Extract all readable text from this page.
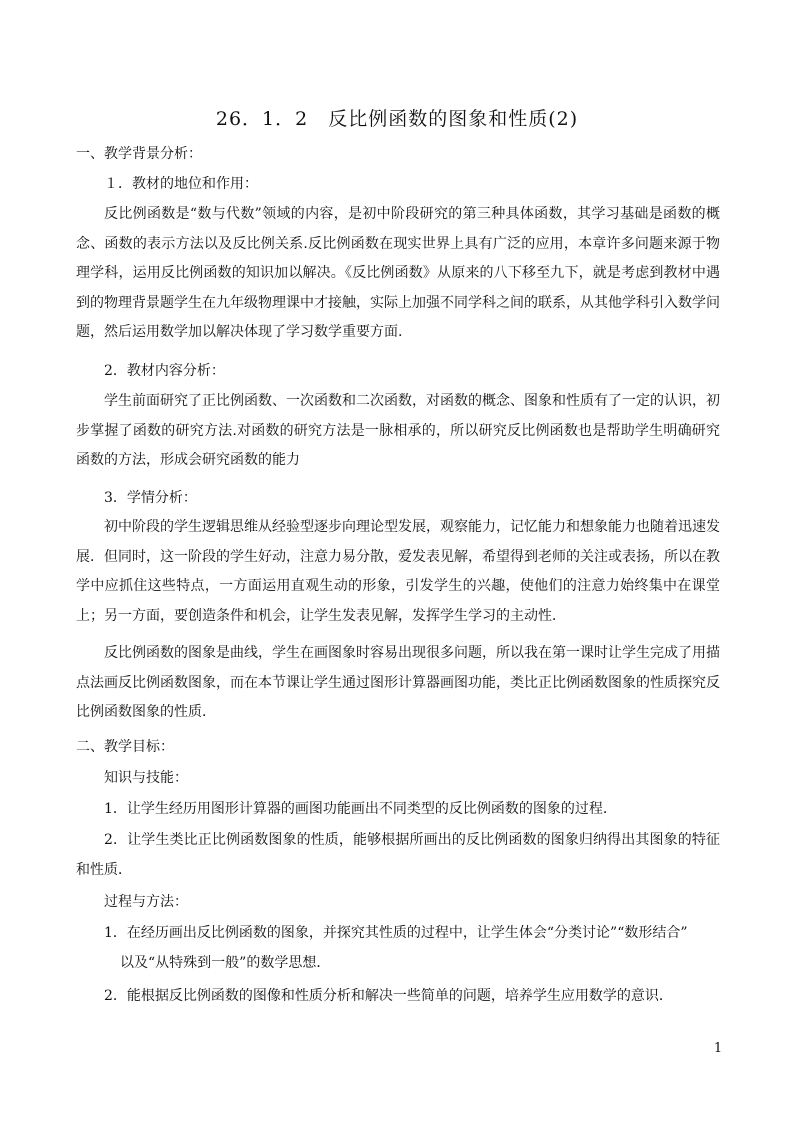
26．1．2　反比例函数的图象和性质(2)
一、教学背景分析：
１．教材的地位和作用：
反比例函数是“数与代数”领域的内容，是初中阶段研究的第三种具体函数，其学习基础是函数的概念、函数的表示方法以及反比例关系.反比例函数在现实世界上具有广泛的应用，本章许多问题来源于物理学科，运用反比例函数的知识加以解决。《反比例函数》从原来的八下移至九下，就是考虑到教材中遇到的物理背景题学生在九年级物理课中才接触，实际上加强不同学科之间的联系，从其他学科引入数学问题，然后运用数学加以解决体现了学习数学重要方面.
2．教材内容分析：
学生前面研究了正比例函数、一次函数和二次函数，对函数的概念、图象和性质有了一定的认识，初步掌握了函数的研究方法.对函数的研究方法是一脉相承的，所以研究反比例函数也是帮助学生明确研究函数的方法，形成会研究函数的能力
3．学情分析：
初中阶段的学生逻辑思维从经验型逐步向理论型发展，观察能力，记忆能力和想象能力也随着迅速发展．但同时，这一阶段的学生好动，注意力易分散，爱发表见解，希望得到老师的关注或表扬，所以在教学中应抓住这些特点，一方面运用直观生动的形象，引发学生的兴趣，使他们的注意力始终集中在课堂上；另一方面，要创造条件和机会，让学生发表见解，发挥学生学习的主动性．
反比例函数的图象是曲线，学生在画图象时容易出现很多问题，所以我在第一课时让学生完成了用描点法画反比例函数图象，而在本节课让学生通过图形计算器画图功能，类比正比例函数图象的性质探究反比例函数图象的性质．
二、教学目标：
知识与技能：
1．让学生经历用图形计算器的画图功能画出不同类型的反比例函数的图象的过程．
2．让学生类比正比例函数图象的性质，能够根据所画出的反比例函数的图象归纳得出其图象的特征和性质．
过程与方法：
1．在经历画出反比例函数的图象，并探究其性质的过程中，让学生体会“分类讨论”“数形结合”
以及“从特殊到一般”的数学思想．
2．能根据反比例函数的图像和性质分析和解决一些简单的问题，培养学生应用数学的意识．
1
